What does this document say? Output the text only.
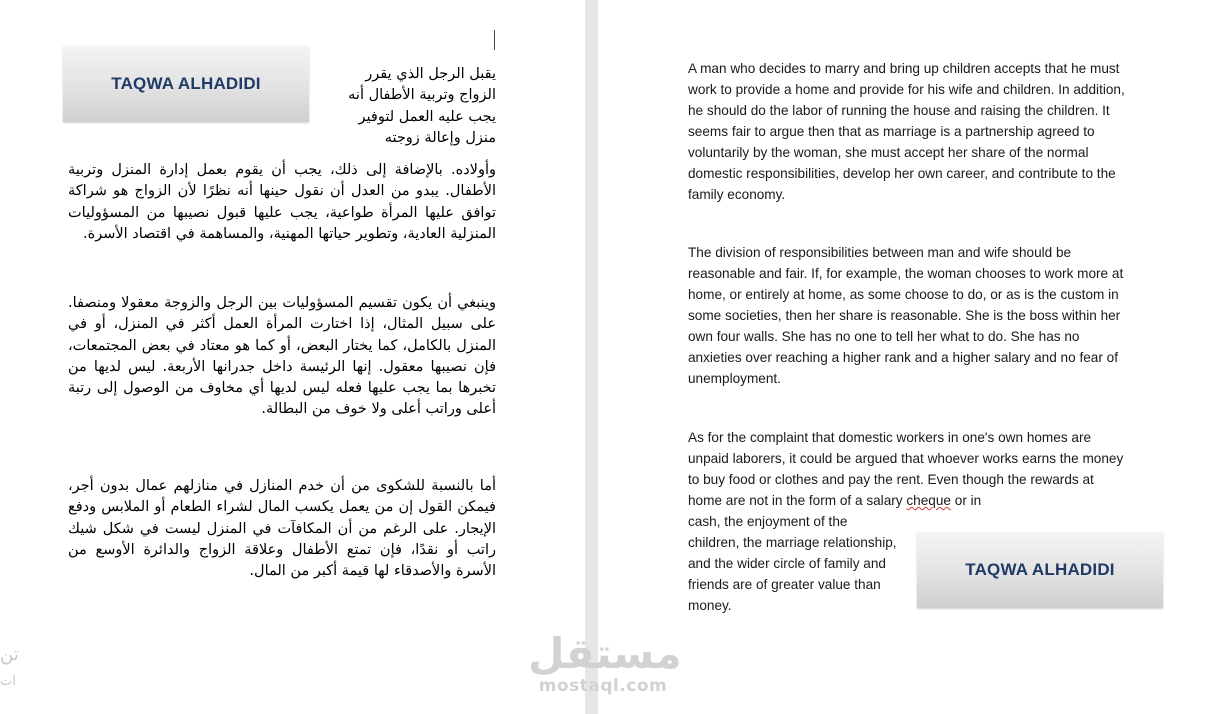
TAQWA ALHADIDI	يقبل الرجل الذي يقرر
الزواج وتربية الأطفال أنه
يجب عليه العمل لتوفير
منزل وإعالة زوجته
وأولاده. بالإضافة إلى ذلك، يجب أن يقوم بعمل إدارة المنزل وتربية الأطفال. يبدو من العدل أن نقول حينها أنه نظرًا لأن الزواج هو شراكة توافق عليها المرأة طواعية، يجب عليها قبول نصيبها من المسؤوليات المنزلية العادية، وتطوير حياتها المهنية، والمساهمة في اقتصاد الأسرة.
وينبغي أن يكون تقسيم المسؤوليات بين الرجل والزوجة معقولا ومنصفا. على سبيل المثال، إذا اختارت المرأة العمل أكثر في المنزل، أو في المنزل بالكامل، كما يختار البعض، أو كما هو معتاد في بعض المجتمعات، فإن نصيبها معقول. إنها الرئيسة داخل جدرانها الأربعة. ليس لديها من تخبرها بما يجب عليها فعله ليس لديها أي مخاوف من الوصول إلى رتبة أعلى وراتب أعلى ولا خوف من البطالة.
أما بالنسبة للشكوى من أن خدم المنازل في منازلهم عمال بدون أجر، فيمكن القول إن من يعمل يكسب المال لشراء الطعام أو الملابس ودفع الإيجار. على الرغم من أن المكافآت في المنزل ليست في شكل شيك راتب أو نقدًا، فإن تمتع الأطفال وعلاقة الزواج والدائرة الأوسع من الأسرة والأصدقاء لها قيمة أكبر من المال.
تن
ات
A man who decides to marry and bring up children accepts that he must work to provide a home and provide for his wife and children. In addition, he should do the labor of running the house and raising the children. It seems fair to argue then that as marriage is a partnership agreed to voluntarily by the woman, she must accept her share of the normal domestic responsibilities, develop her own career, and contribute to the family economy.
The division of responsibilities between man and wife should be reasonable and fair. If, for example, the woman chooses to work more at home, or entirely at home, as some choose to do, or as is the custom in some societies, then her share is reasonable. She is the boss within her own four walls. She has no one to tell her what to do. She has no anxieties over reaching a higher rank and a higher salary and no fear of unemployment.
As for the complaint that domestic workers in one's own homes are unpaid laborers, it could be argued that whoever works earns the money to buy food or clothes and pay the rent. Even though the rewards at home are not in the form of a salary cheque or in
cash, the enjoyment of the children, the marriage relationship, and the wider circle of family and friends are of greater value than money.
TAQWA ALHADIDI
مستقل
mostaql.com
